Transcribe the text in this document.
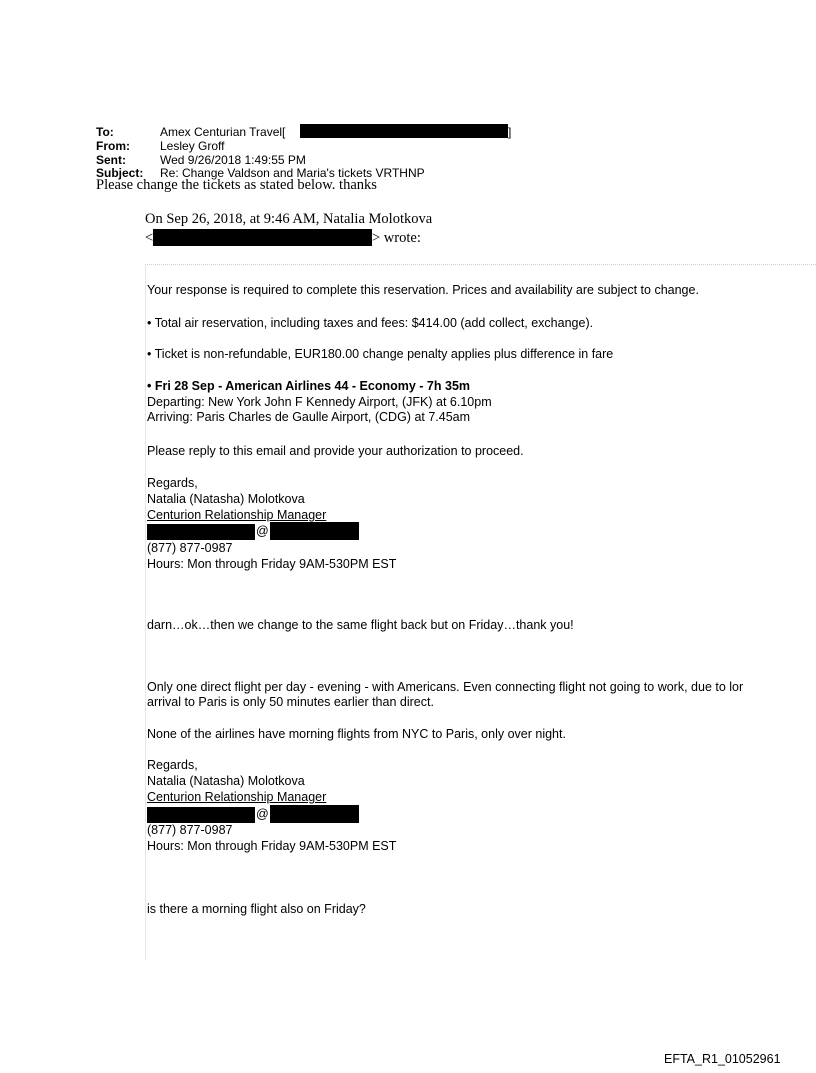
To:	Amex Centurian Travel[	]
From:	Lesley Groff
Sent:	Wed 9/26/2018 1:49:55 PM
Subject: Re: Change Valdson and Maria's tickets VRTHNP
Please change the tickets as stated below. thanks
On Sep 26, 2018, at 9:46 AM, Natalia Molotkova
<	> wrote:
Your response is required to complete this reservation. Prices and availability are subject to change.
• Total air reservation, including taxes and fees: $414.00 (add collect, exchange).
• Ticket is non-refundable, EUR180.00 change penalty applies plus difference in fare
• Fri 28 Sep - American Airlines 44 - Economy - 7h 35m
Departing: New York John F Kennedy Airport, (JFK) at 6.10pm
Arriving: Paris Charles de Gaulle Airport, (CDG) at 7.45am
Please reply to this email and provide your authorization to proceed.
Regards,
Natalia (Natasha) Molotkova
Centurion Relationship Manager
@
(877) 877-0987
Hours: Mon through Friday 9AM-530PM EST
darn…ok…then we change to the same flight back but on Friday…thank you!
Only one direct flight per day - evening - with Americans. Even connecting flight not going to work, due to lor
arrival to Paris is only 50 minutes earlier than direct.
None of the airlines have morning flights from NYC to Paris, only over night.
Regards,
Natalia (Natasha) Molotkova
Centurion Relationship Manager
@
(877) 877-0987
Hours: Mon through Friday 9AM-530PM EST
is there a morning flight also on Friday?
EFTA_R1_01052961
